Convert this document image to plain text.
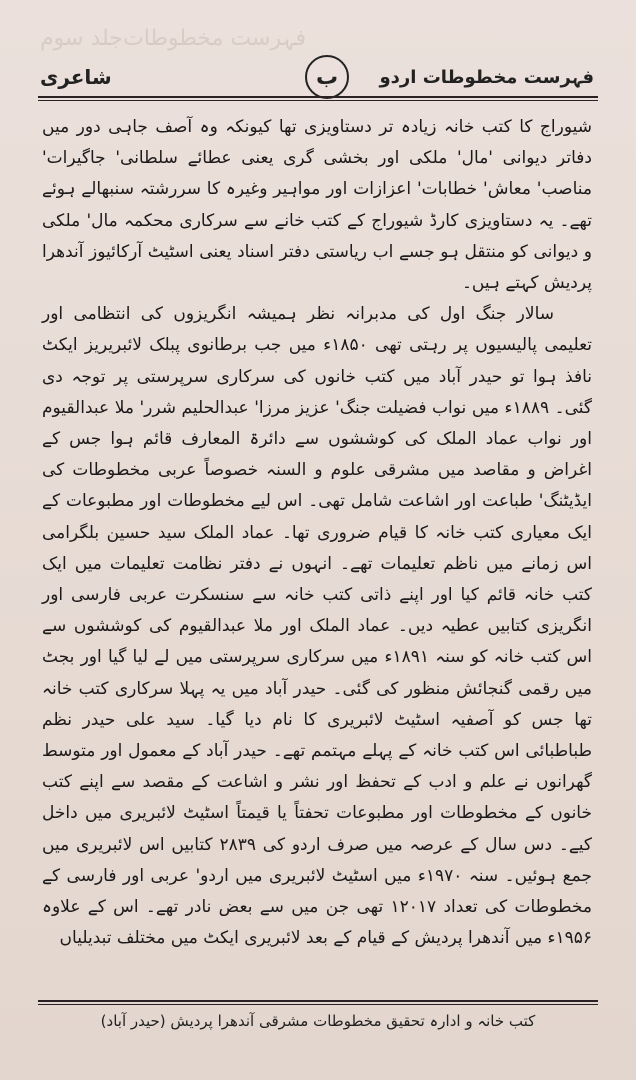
جلد سوم فہرست مخطوطات
فہرست مخطوطات اردو
ب
شاعری

شیوراج کا کتب خانہ زیادہ تر دستاویزی تھا کیونکہ وہ آصف جاہی دور میں دفاتر دیوانی 'مال' ملکی اور بخشی گری یعنی عطائے سلطانی' جاگیرات' مناصب' معاش' خطابات' اعزازات اور مواہیر وغیرہ کا سررشتہ سنبھالے ہوئے تھے۔ یہ دستاویزی کارڈ شیوراج کے کتب خانے سے سرکاری محکمہ مال' ملکی و دیوانی کو منتقل ہو جسے اب ریاستی دفتر اسناد یعنی اسٹیٹ آرکائیوز آندھرا پردیش کہتے ہیں۔

سالار جنگ اول کی مدبرانہ نظر ہمیشہ انگریزوں کی انتظامی اور تعلیمی پالیسیوں پر رہتی تھی ۱۸۵۰ء میں جب برطانوی پبلک لائبریریز ایکٹ نافذ ہوا تو حیدر آباد میں کتب خانوں کی سرکاری سرپرستی پر توجہ دی گئی۔ ۱۸۸۹ء میں نواب فضیلت جنگ' عزیز مرزا' عبدالحلیم شرر' ملا عبدالقیوم اور نواب عماد الملک کی کوششوں سے دائرۃ المعارف قائم ہوا جس کے اغراض و مقاصد میں مشرقی علوم و السنہ خصوصاً عربی مخطوطات کی ایڈیٹنگ' طباعت اور اشاعت شامل تھی۔ اس لیے مخطوطات اور مطبوعات کے ایک معیاری کتب خانہ کا قیام ضروری تھا۔ عماد الملک سید حسین بلگرامی اس زمانے میں ناظم تعلیمات تھے۔ انہوں نے دفتر نظامت تعلیمات میں ایک کتب خانہ قائم کیا اور اپنے ذاتی کتب خانہ سے سنسکرت عربی فارسی اور انگریزی کتابیں عطیہ دیں۔ عماد الملک اور ملا عبدالقیوم کی کوششوں سے اس کتب خانہ کو سنہ ۱۸۹۱ء میں سرکاری سرپرستی میں لے لیا گیا اور بجٹ میں رقمی گنجائش منظور کی گئی۔ حیدر آباد میں یہ پہلا سرکاری کتب خانہ تھا جس کو آصفیہ اسٹیٹ لائبریری کا نام دیا گیا۔ سید علی حیدر نظم طباطبائی اس کتب خانہ کے پہلے مہتمم تھے۔ حیدر آباد کے معمول اور متوسط گھرانوں نے علم و ادب کے تحفظ اور نشر و اشاعت کے مقصد سے اپنے کتب خانوں کے مخطوطات اور مطبوعات تحفتاً یا قیمتاً اسٹیٹ لائبریری میں داخل کیے۔ دس سال کے عرصہ میں صرف اردو کی ۲۸۳۹ کتابیں اس لائبریری میں جمع ہوئیں۔ سنہ ۱۹۷۰ء میں اسٹیٹ لائبریری میں اردو' عربی اور فارسی کے مخطوطات کی تعداد ۱۲۰۱۷ تھی جن میں سے بعض نادر تھے۔ اس کے علاوہ ۱۹۵۶ء میں آندھرا پردیش کے قیام کے بعد لائبریری ایکٹ میں مختلف تبدیلیاں

کتب خانہ و ادارہ تحقیق مخطوطات مشرقی آندھرا پردیش (حیدر آباد)
